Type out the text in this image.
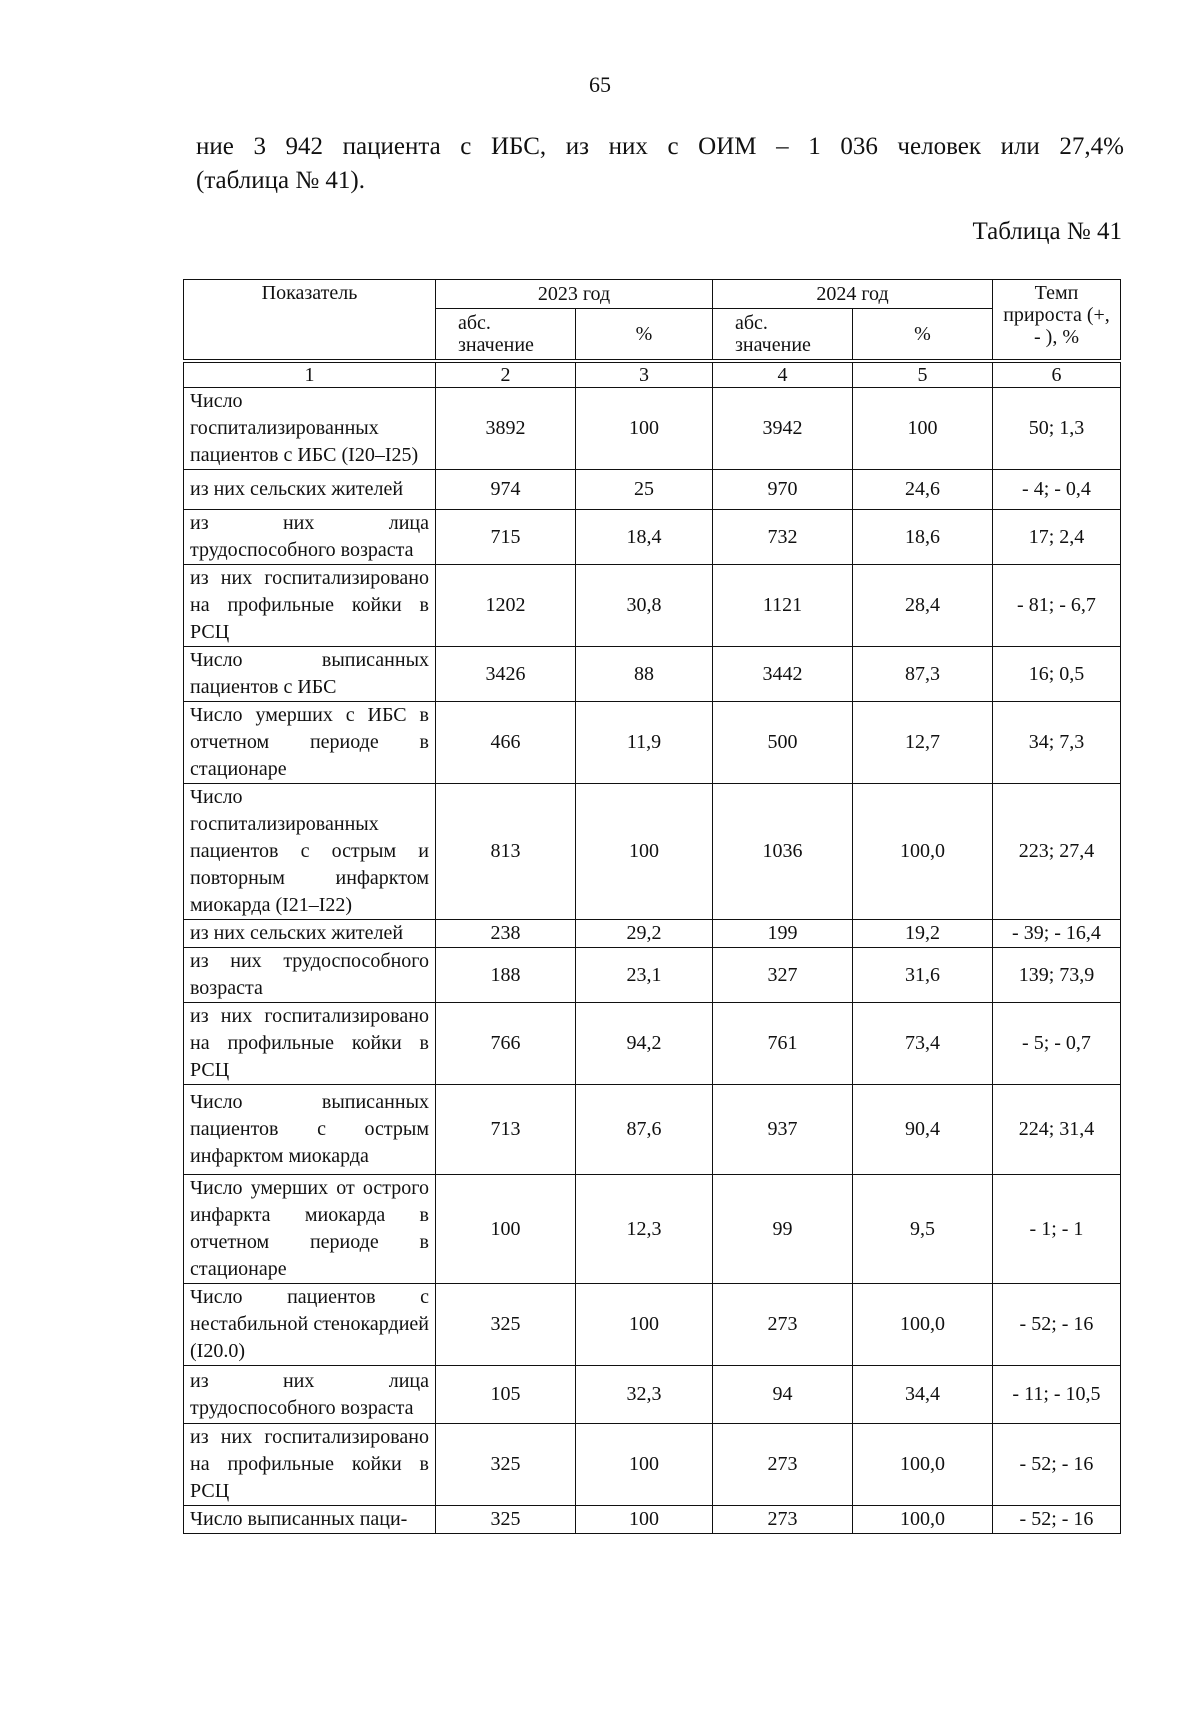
65
ние 3 942 пациента с ИБС, из них с ОИМ – 1 036 человек или 27,4%
(таблица № 41).
Таблица № 41
Показатель	2023 год		2024 год		Темп прироста (+, - ), %
	абс. значение	%	абс. значение	%	
1	2	3	4	5	6
Число госпитализированных пациентов с ИБС (I20–I25)	3892	100	3942	100	50; 1,3
из них сельских жителей	974	25	970	24,6	- 4; - 0,4
из них лица трудоспособного возраста	715	18,4	732	18,6	17; 2,4
из них госпитализировано на профильные койки в РСЦ	1202	30,8	1121	28,4	- 81; - 6,7
Число выписанных пациентов с ИБС	3426	88	3442	87,3	16; 0,5
Число умерших с ИБС в отчетном периоде в стационаре	466	11,9	500	12,7	34; 7,3
Число госпитализированных пациентов с острым и повторным инфарктом миокарда (I21–I22)	813	100	1036	100,0	223; 27,4
из них сельских жителей	238	29,2	199	19,2	- 39; - 16,4
из них трудоспособного возраста	188	23,1	327	31,6	139; 73,9
из них госпитализировано на профильные койки в РСЦ	766	94,2	761	73,4	- 5; - 0,7
Число выписанных пациентов с острым инфарктом миокарда	713	87,6	937	90,4	224; 31,4
Число умерших от острого инфаркта миокарда в отчетном периоде в стационаре	100	12,3	99	9,5	- 1; - 1
Число пациентов с нестабильной стенокардией (I20.0)	325	100	273	100,0	- 52; - 16
из них лица трудоспособного возраста	105	32,3	94	34,4	- 11; - 10,5
из них госпитализировано на профильные койки в РСЦ	325	100	273	100,0	- 52; - 16
Число выписанных паци-	325	100	273	100,0	- 52; - 16
